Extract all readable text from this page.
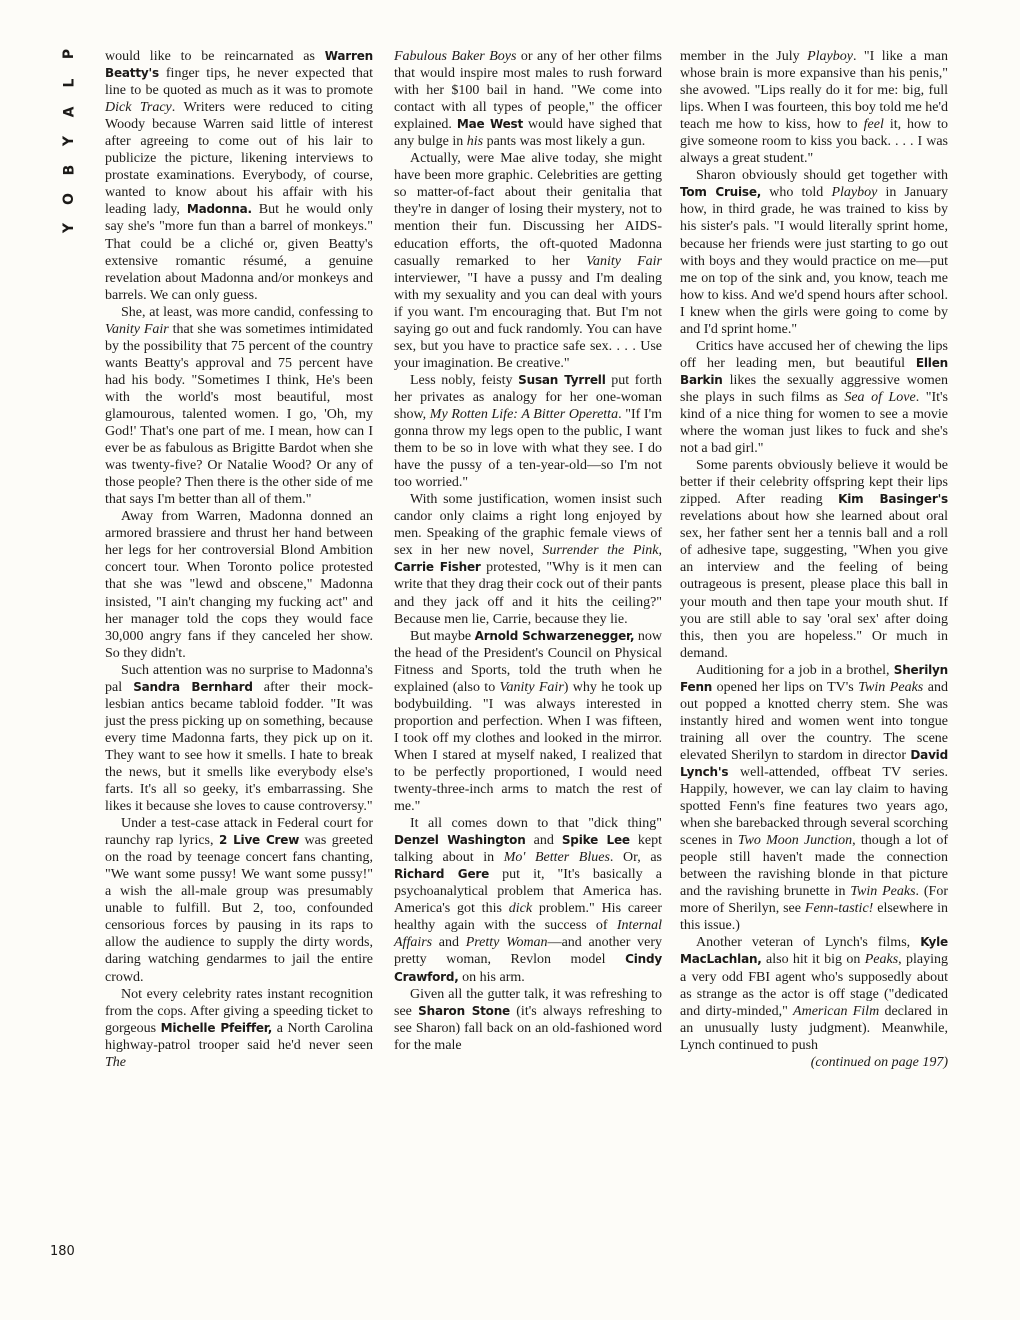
P
L
A
Y
B
O
Y
180

would like to be reincarnated as Warren Beatty's finger tips, he never expected that line to be quoted as much as it was to promote Dick Tracy. Writers were reduced to citing Woody because Warren said little of interest after agreeing to come out of his lair to publicize the picture, likening interviews to prostate examinations. Everybody, of course, wanted to know about his affair with his leading lady, Madonna. But he would only say she's "more fun than a barrel of monkeys." That could be a cliché or, given Beatty's extensive romantic résumé, a genuine revelation about Madonna and/or monkeys and barrels. We can only guess.

She, at least, was more candid, confessing to Vanity Fair that she was sometimes intimidated by the possibility that 75 percent of the country wants Beatty's approval and 75 percent have had his body. "Sometimes I think, He's been with the world's most beautiful, most glamourous, talented women. I go, 'Oh, my God!' That's one part of me. I mean, how can I ever be as fabulous as Brigitte Bardot when she was twenty-five? Or Natalie Wood? Or any of those people? Then there is the other side of me that says I'm better than all of them."

Away from Warren, Madonna donned an armored brassiere and thrust her hand between her legs for her controversial Blond Ambition concert tour. When Toronto police protested that she was "lewd and obscene," Madonna insisted, "I ain't changing my fucking act" and her manager told the cops they would face 30,000 angry fans if they canceled her show. So they didn't.

Such attention was no surprise to Madonna's pal Sandra Bernhard after their mock-lesbian antics became tabloid fodder. "It was just the press picking up on something, because every time Madonna farts, they pick up on it. They want to see how it smells. I hate to break the news, but it smells like everybody else's farts. It's all so geeky, it's embarrassing. She likes it because she loves to cause controversy."

Under a test-case attack in Federal court for raunchy rap lyrics, 2 Live Crew was greeted on the road by teenage concert fans chanting, "We want some pussy! We want some pussy!" a wish the all-male group was presumably unable to fulfill. But 2, too, confounded censorious forces by pausing in its raps to allow the audience to supply the dirty words, daring watching gendarmes to jail the entire crowd.

Not every celebrity rates instant recognition from the cops. After giving a speeding ticket to gorgeous Michelle Pfeiffer, a North Carolina highway-patrol trooper said he'd never seen The

Fabulous Baker Boys or any of her other films that would inspire most males to rush forward with her $100 bail in hand. "We come into contact with all types of people," the officer explained. Mae West would have sighed that any bulge in his pants was most likely a gun.

Actually, were Mae alive today, she might have been more graphic. Celebrities are getting so matter-of-fact about their genitalia that they're in danger of losing their mystery, not to mention their fun. Discussing her AIDS-education efforts, the oft-quoted Madonna casually remarked to her Vanity Fair interviewer, "I have a pussy and I'm dealing with my sexuality and you can deal with yours if you want. I'm encouraging that. But I'm not saying go out and fuck randomly. You can have sex, but you have to practice safe sex. . . . Use your imagination. Be creative."

Less nobly, feisty Susan Tyrrell put forth her privates as analogy for her one-woman show, My Rotten Life: A Bitter Operetta. "If I'm gonna throw my legs open to the public, I want them to be so in love with what they see. I do have the pussy of a ten-year-old—so I'm not too worried."

With some justification, women insist such candor only claims a right long enjoyed by men. Speaking of the graphic female views of sex in her new novel, Surrender the Pink, Carrie Fisher protested, "Why is it men can write that they drag their cock out of their pants and they jack off and it hits the ceiling?" Because men lie, Carrie, because they lie.

But maybe Arnold Schwarzenegger, now the head of the President's Council on Physical Fitness and Sports, told the truth when he explained (also to Vanity Fair) why he took up bodybuilding. "I was always interested in proportion and perfection. When I was fifteen, I took off my clothes and looked in the mirror. When I stared at myself naked, I realized that to be perfectly proportioned, I would need twenty-three-inch arms to match the rest of me."

It all comes down to that "dick thing" Denzel Washington and Spike Lee kept talking about in Mo' Better Blues. Or, as Richard Gere put it, "It's basically a psychoanalytical problem that America has. America's got this dick problem." His career healthy again with the success of Internal Affairs and Pretty Woman—and another very pretty woman, Revlon model Cindy Crawford, on his arm.

Given all the gutter talk, it was refreshing to see Sharon Stone (it's always refreshing to see Sharon) fall back on an old-fashioned word for the male

member in the July Playboy. "I like a man whose brain is more expansive than his penis," she avowed. "Lips really do it for me: big, full lips. When I was fourteen, this boy told me he'd teach me how to kiss, how to feel it, how to give someone room to kiss you back. . . . I was always a great student."

Sharon obviously should get together with Tom Cruise, who told Playboy in January how, in third grade, he was trained to kiss by his sister's pals. "I would literally sprint home, because her friends were just starting to go out with boys and they would practice on me—put me on top of the sink and, you know, teach me how to kiss. And we'd spend hours after school. I knew when the girls were going to come by and I'd sprint home."

Critics have accused her of chewing the lips off her leading men, but beautiful Ellen Barkin likes the sexually aggressive women she plays in such films as Sea of Love. "It's kind of a nice thing for women to see a movie where the woman just likes to fuck and she's not a bad girl."

Some parents obviously believe it would be better if their celebrity offspring kept their lips zipped. After reading Kim Basinger's revelations about how she learned about oral sex, her father sent her a tennis ball and a roll of adhesive tape, suggesting, "When you give an interview and the feeling of being outrageous is present, please place this ball in your mouth and then tape your mouth shut. If you are still able to say 'oral sex' after doing this, then you are hopeless." Or much in demand.

Auditioning for a job in a brothel, Sherilyn Fenn opened her lips on TV's Twin Peaks and out popped a knotted cherry stem. She was instantly hired and women went into tongue training all over the country. The scene elevated Sherilyn to stardom in director David Lynch's well-attended, offbeat TV series. Happily, however, we can lay claim to having spotted Fenn's fine features two years ago, when she barebacked through several scorching scenes in Two Moon Junction, though a lot of people still haven't made the connection between the ravishing blonde in that picture and the ravishing brunette in Twin Peaks. (For more of Sherilyn, see Fenn-tastic! elsewhere in this issue.)

Another veteran of Lynch's films, Kyle MacLachlan, also hit it big on Peaks, playing a very odd FBI agent who's supposedly about as strange as the actor is off stage ("dedicated and dirty-minded," American Film declared in an unusually lusty judgment). Meanwhile, Lynch continued to push

(continued on page 197)
